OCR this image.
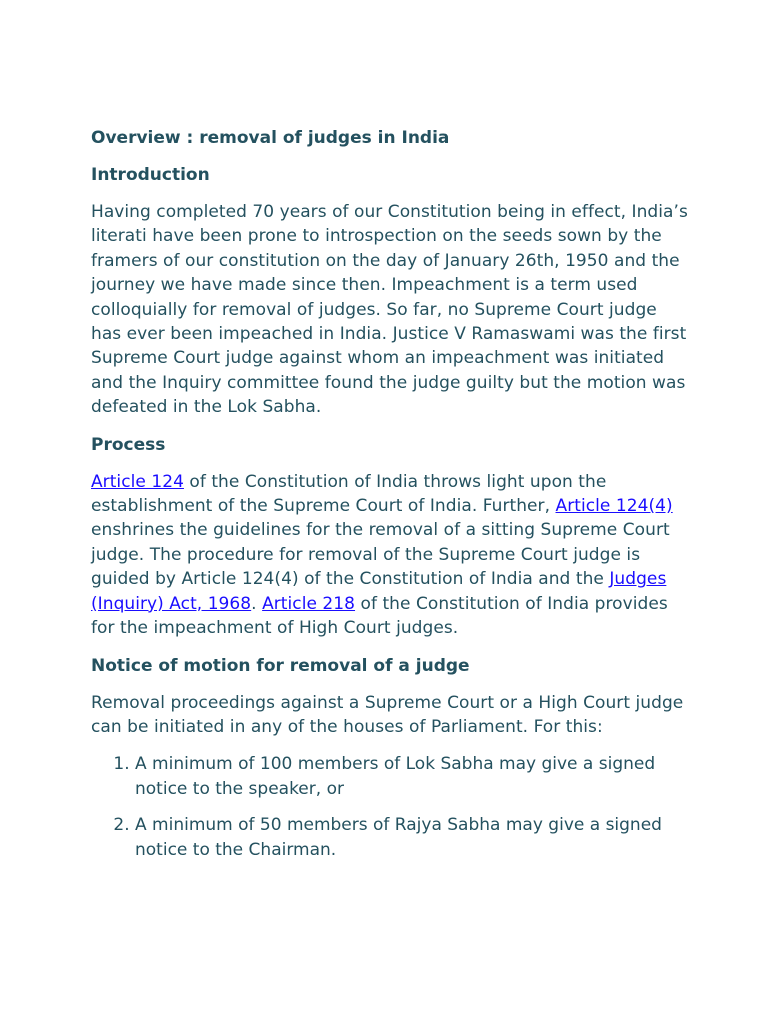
Overview : removal of judges in India
Introduction

Having completed 70 years of our Constitution being in effect, India’s literati have been prone to introspection on the seeds sown by the framers of our constitution on the day of January 26th, 1950 and the journey we have made since then. Impeachment is a term used colloquially for removal of judges. So far, no Supreme Court judge has ever been impeached in India. Justice V Ramaswami was the first Supreme Court judge against whom an impeachment was initiated and the Inquiry committee found the judge guilty but the motion was defeated in the Lok Sabha.

Process

Article 124 of the Constitution of India throws light upon the establishment of the Supreme Court of India. Further, Article 124(4) enshrines the guidelines for the removal of a sitting Supreme Court judge. The procedure for removal of the Supreme Court judge is guided by Article 124(4) of the Constitution of India and the Judges (Inquiry) Act, 1968. Article 218 of the Constitution of India provides for the impeachment of High Court judges.

Notice of motion for removal of a judge

Removal proceedings against a Supreme Court or a High Court judge can be initiated in any of the houses of Parliament. For this:

1. A minimum of 100 members of Lok Sabha may give a signed notice to the speaker, or
2. A minimum of 50 members of Rajya Sabha may give a signed notice to the Chairman.
